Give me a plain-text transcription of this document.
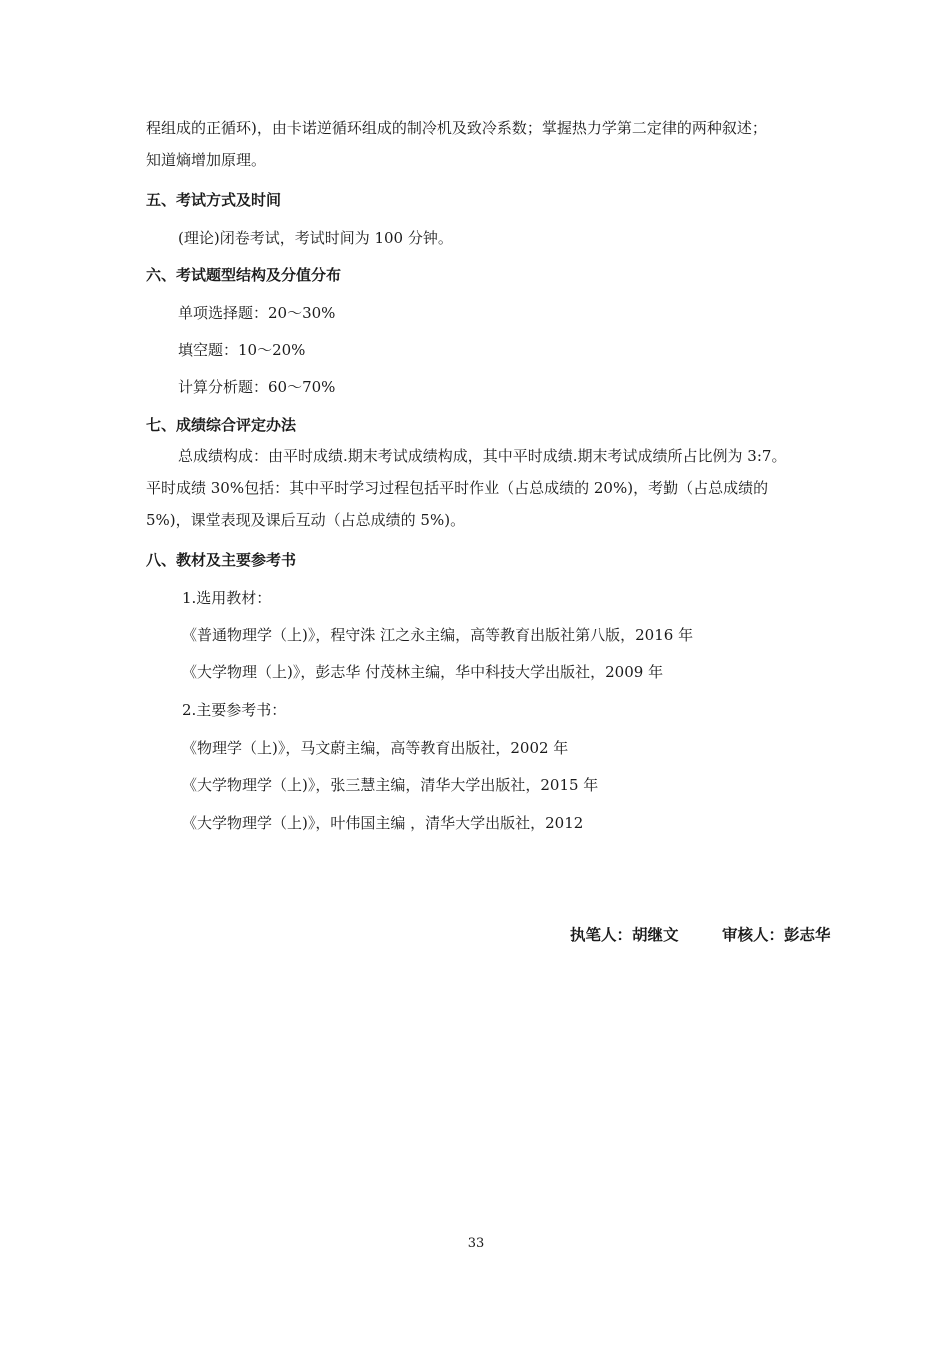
程组成的正循环)，由卡诺逆循环组成的制冷机及致冷系数；掌握热力学第二定律的两种叙述；
知道熵增加原理。
五、考试方式及时间
(理论)闭卷考试，考试时间为 100 分钟。
六、考试题型结构及分值分布
单项选择题：20～30%
填空题：10～20%
计算分析题：60～70%
七、成绩综合评定办法
总成绩构成：由平时成绩.期末考试成绩构成，其中平时成绩.期末考试成绩所占比例为 3:7。
平时成绩 30%包括：其中平时学习过程包括平时作业（占总成绩的 20%)，考勤（占总成绩的
5%)，课堂表现及课后互动（占总成绩的 5%)。
八、教材及主要参考书
1.选用教材：
《普通物理学（上)》，程守洙 江之永主编，高等教育出版社第八版，2016 年
《大学物理（上)》，彭志华 付茂林主编，华中科技大学出版社，2009 年
2.主要参考书：
《物理学（上)》，马文蔚主编，高等教育出版社，2002 年
《大学物理学（上)》，张三慧主编，清华大学出版社，2015 年
《大学物理学（上)》，叶伟国主编 ，清华大学出版社，2012
执笔人：胡继文	审核人：彭志华
33
